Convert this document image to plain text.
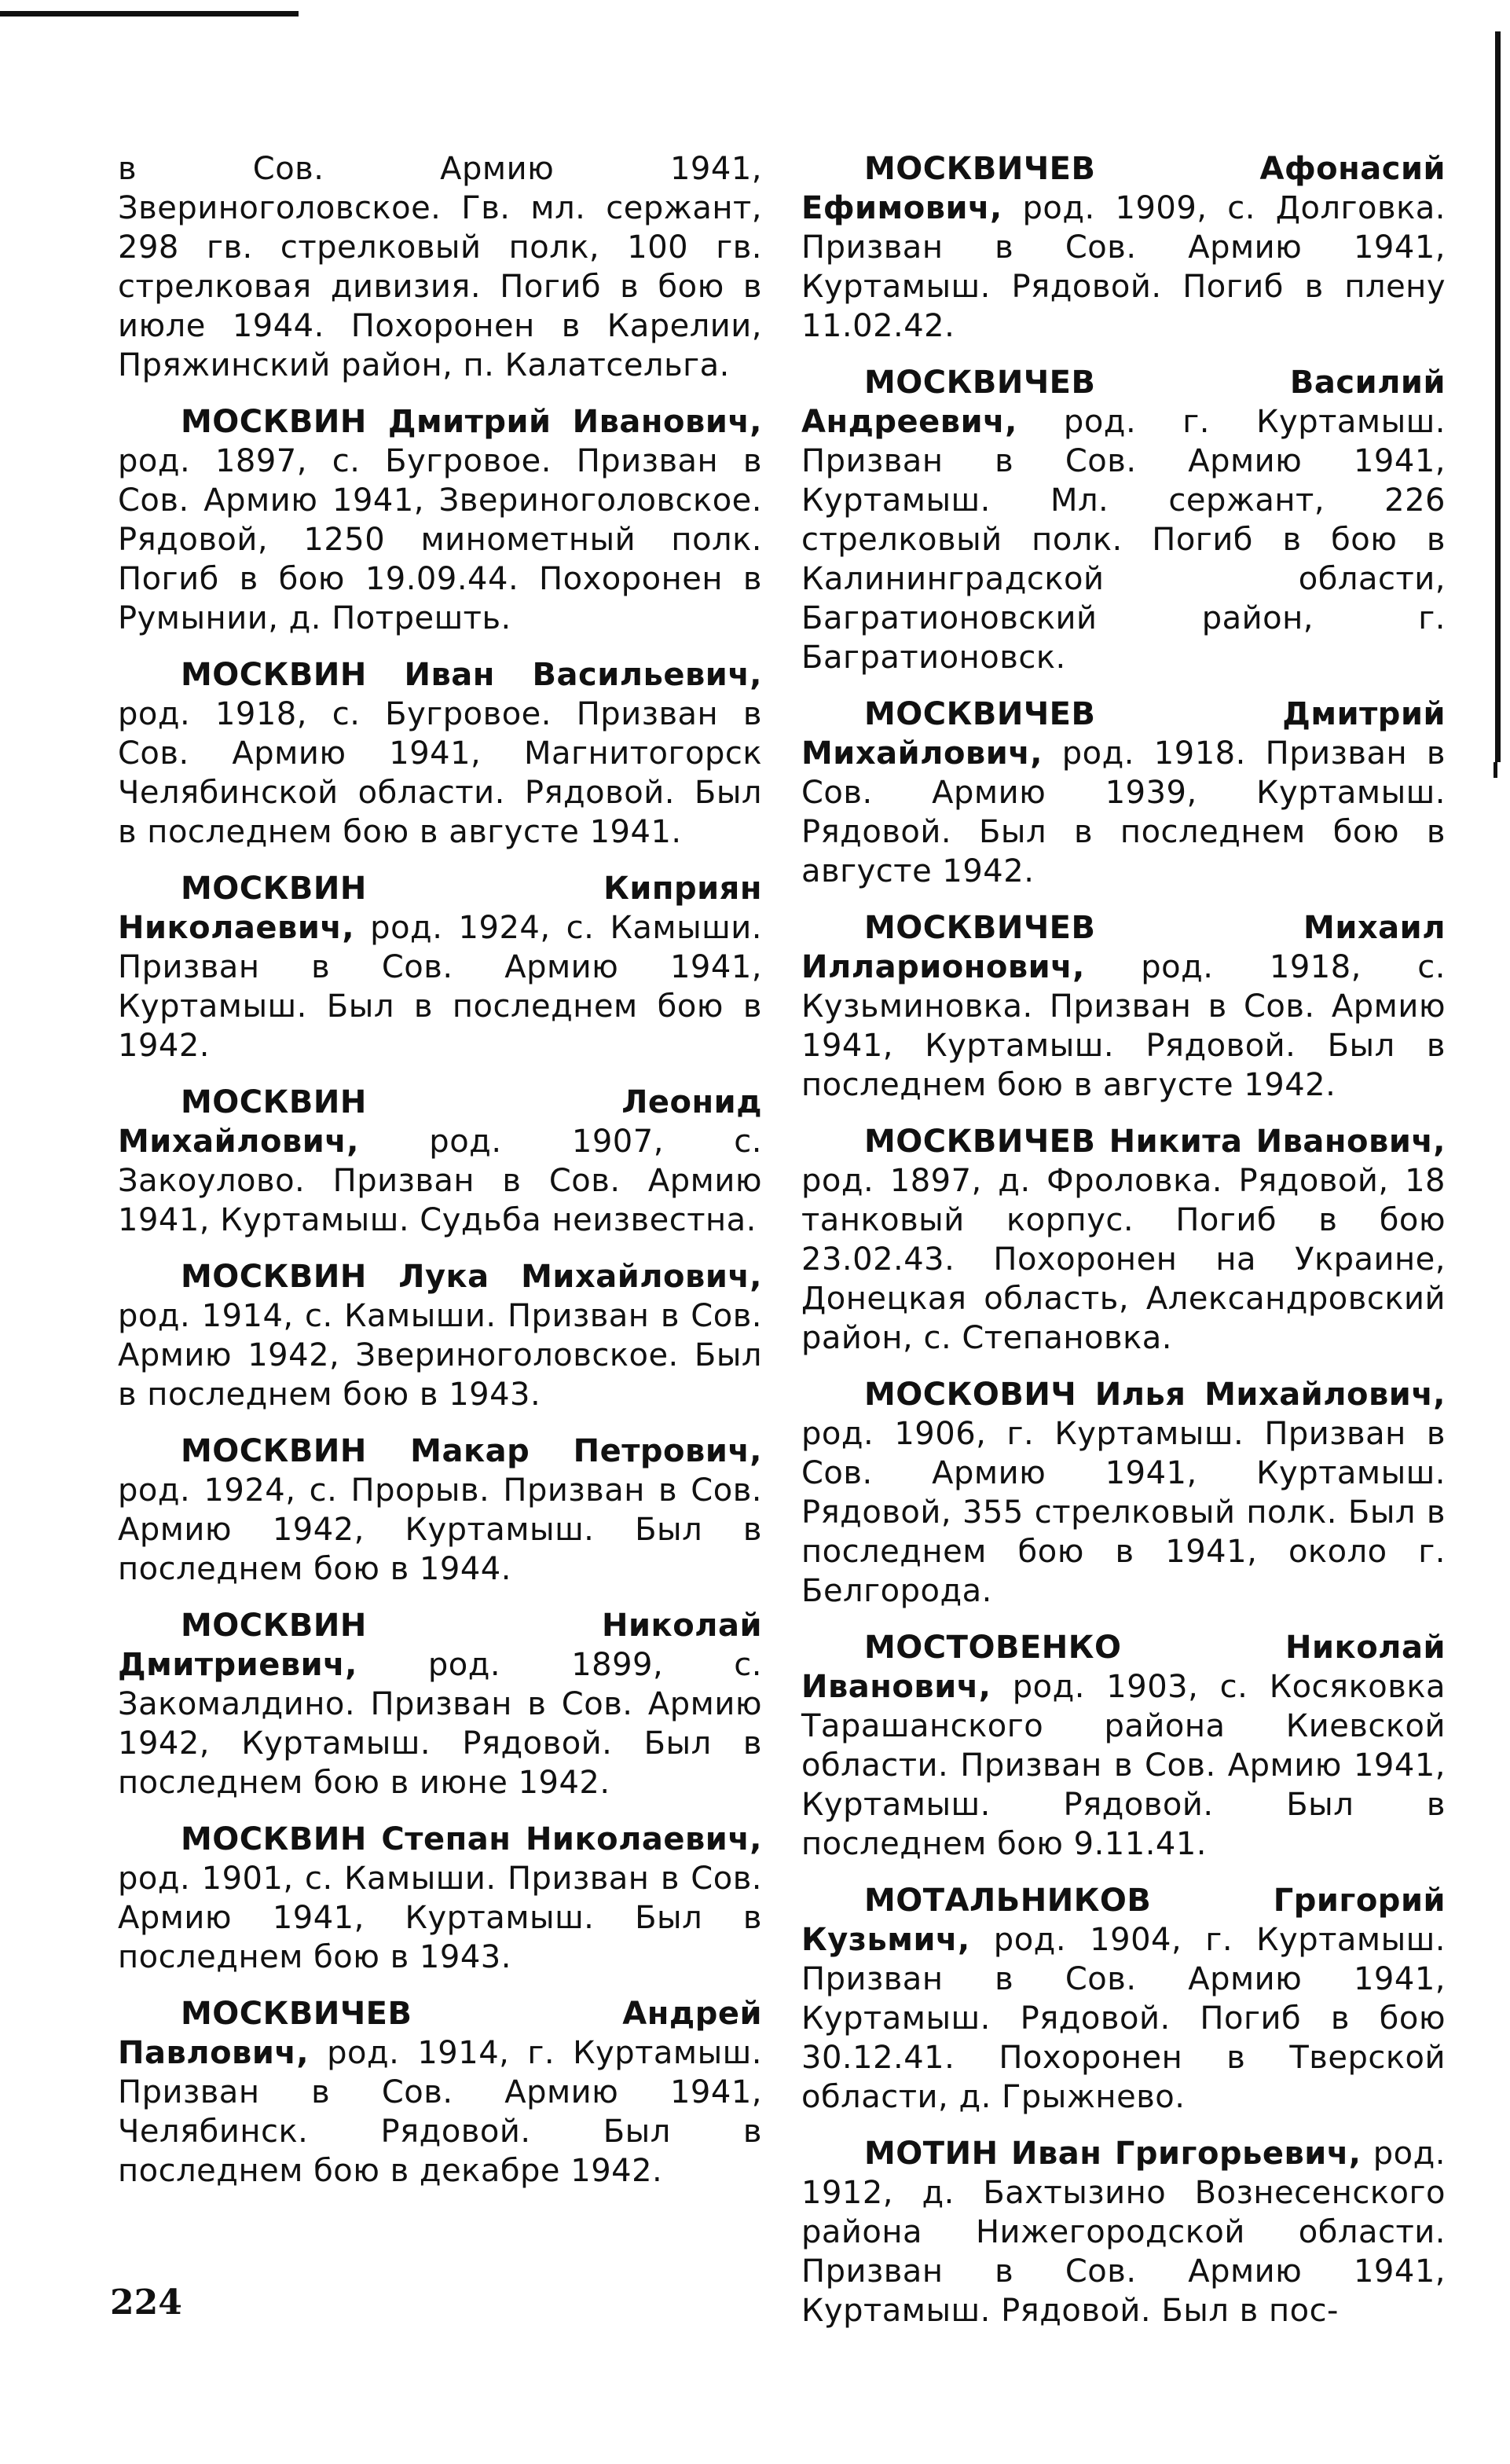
в Сов. Армию 1941, Звериноголовское. Гв. мл. сержант, 298 гв. стрелковый полк, 100 гв. стрелковая дивизия. Погиб в бою в июле 1944. Похоронен в Карелии, Пряжинский район, п. Калатсельга.

МОСКВИН Дмитрий Иванович, род. 1897, с. Бугровое. Призван в Сов. Армию 1941, Звериноголовское. Рядовой, 1250 минометный полк. Погиб в бою 19.09.44. Похоронен в Румынии, д. Потрешть.

МОСКВИН Иван Васильевич, род. 1918, с. Бугровое. Призван в Сов. Армию 1941, Магнитогорск Челябинской области. Рядовой. Был в последнем бою в августе 1941.

МОСКВИН Киприян Николаевич, род. 1924, с. Камыши. Призван в Сов. Армию 1941, Куртамыш. Был в последнем бою в 1942.

МОСКВИН Леонид Михайлович, род. 1907, с. Закоулово. Призван в Сов. Армию 1941, Куртамыш. Судьба неизвестна.

МОСКВИН Лука Михайлович, род. 1914, с. Камыши. Призван в Сов. Армию 1942, Звериноголовское. Был в последнем бою в 1943.

МОСКВИН Макар Петрович, род. 1924, с. Прорыв. Призван в Сов. Армию 1942, Куртамыш. Был в последнем бою в 1944.

МОСКВИН Николай Дмитриевич, род. 1899, с. Закомалдино. Призван в Сов. Армию 1942, Куртамыш. Рядовой. Был в последнем бою в июне 1942.

МОСКВИН Степан Николаевич, род. 1901, с. Камыши. Призван в Сов. Армию 1941, Куртамыш. Был в последнем бою в 1943.

МОСКВИЧЕВ Андрей Павлович, род. 1914, г. Куртамыш. Призван в Сов. Армию 1941, Челябинск. Рядовой. Был в последнем бою в декабре 1942.

МОСКВИЧЕВ Афонасий Ефимович, род. 1909, с. Долговка. Призван в Сов. Армию 1941, Куртамыш. Рядовой. Погиб в плену 11.02.42.

МОСКВИЧЕВ Василий Андреевич, род. г. Куртамыш. Призван в Сов. Армию 1941, Куртамыш. Мл. сержант, 226 стрелковый полк. Погиб в бою в Калининградской области, Багратионовский район, г. Багратионовск.

МОСКВИЧЕВ Дмитрий Михайлович, род. 1918. Призван в Сов. Армию 1939, Куртамыш. Рядовой. Был в последнем бою в августе 1942.

МОСКВИЧЕВ Михаил Илларионович, род. 1918, с. Кузьминовка. Призван в Сов. Армию 1941, Куртамыш. Рядовой. Был в последнем бою в августе 1942.

МОСКВИЧЕВ Никита Иванович, род. 1897, д. Фроловка. Рядовой, 18 танковый корпус. Погиб в бою 23.02.43. Похоронен на Украине, Донецкая область, Александровский район, с. Степановка.

МОСКОВИЧ Илья Михайлович, род. 1906, г. Куртамыш. Призван в Сов. Армию 1941, Куртамыш. Рядовой, 355 стрелковый полк. Был в последнем бою в 1941, около г. Белгорода.

МОСТОВЕНКО Николай Иванович, род. 1903, с. Косяковка Тарашанского района Киевской области. Призван в Сов. Армию 1941, Куртамыш. Рядовой. Был в последнем бою 9.11.41.

МОТАЛЬНИКОВ Григорий Кузьмич, род. 1904, г. Куртамыш. Призван в Сов. Армию 1941, Куртамыш. Рядовой. Погиб в бою 30.12.41. Похоронен в Тверской области, д. Грыжнево.

МОТИН Иван Григорьевич, род. 1912, д. Бахтызино Вознесенского района Нижегородской области. Призван в Сов. Армию 1941, Куртамыш. Рядовой. Был в пос-

224
